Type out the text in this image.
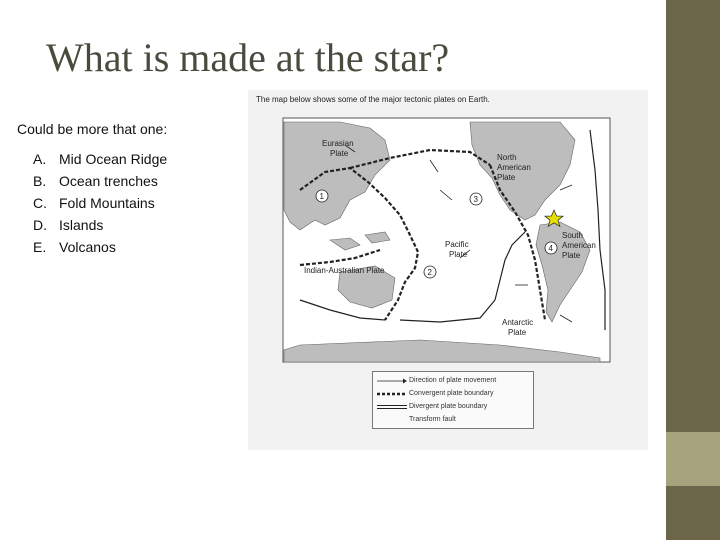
What is made at the star?
Could be more that one:
A. Mid Ocean Ridge
B. Ocean trenches
C. Fold Mountains
D. Islands
E. Volcanos
The map below shows some of the major tectonic plates on Earth.
1
2
3
4
Eurasian
Plate	North
American
Plate
Pacific
Plate
South
American
Plate
Indian-Australian Plate
Antarctic
Plate
Direction of plate movement
Convergent plate boundary
Divergent plate boundary
Transform fault
